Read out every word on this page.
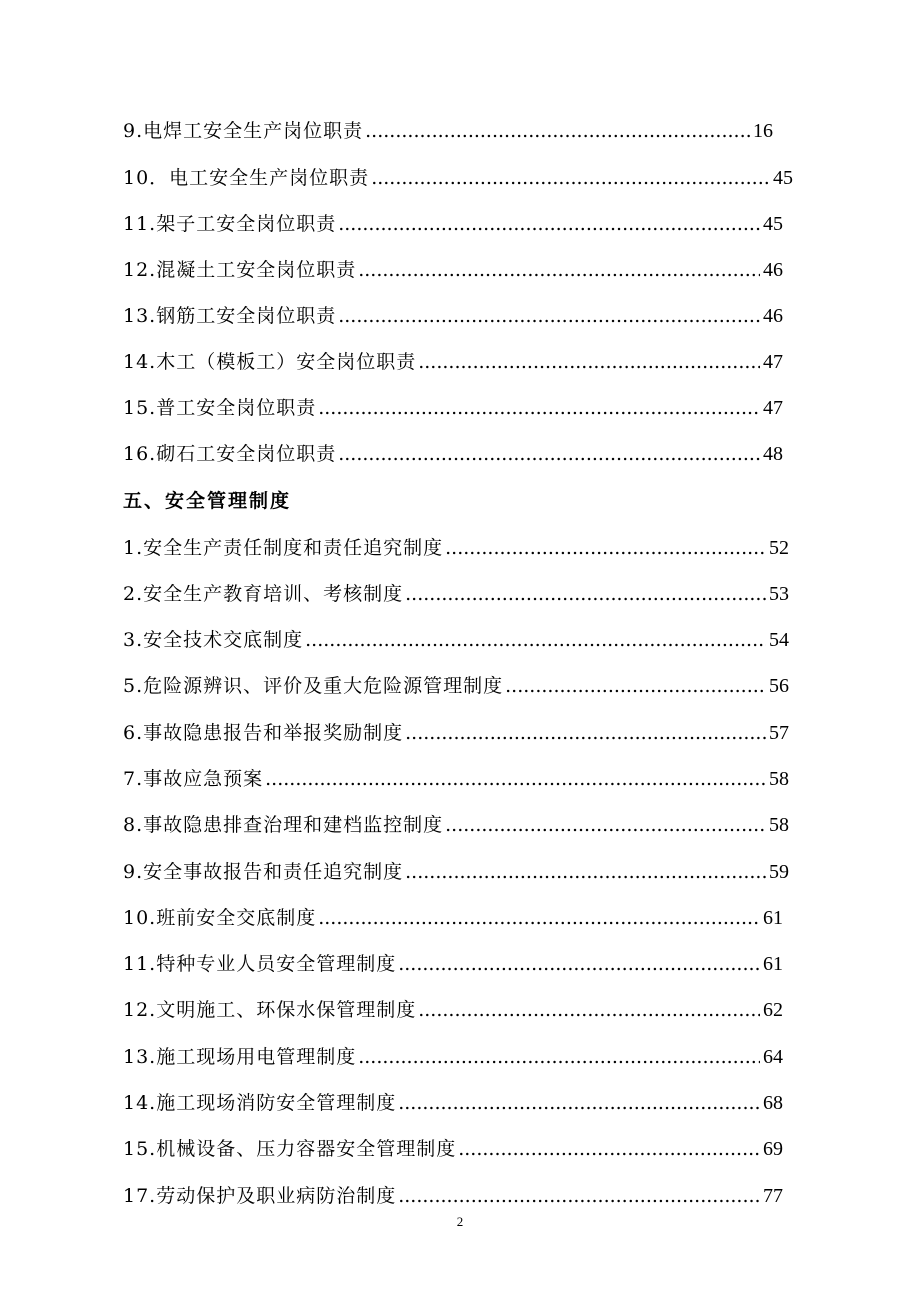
9.电焊工安全生产岗位职责 .....	16
10．电工安全生产岗位职责 .....	45
11.架子工安全岗位职责 .....	45
12.混凝土工安全岗位职责 .....	46
13.钢筋工安全岗位职责 .....	46
14.木工（模板工）安全岗位职责 .....	47
15.普工安全岗位职责 .....	47
16.砌石工安全岗位职责 .....	48
五、安全管理制度
1.安全生产责任制度和责任追究制度 .....	52
2.安全生产教育培训、考核制度 .....	53
3.安全技术交底制度 .....	54
5.危险源辨识、评价及重大危险源管理制度 .....	56
6.事故隐患报告和举报奖励制度 .....	57
7.事故应急预案 .....	58
8.事故隐患排查治理和建档监控制度 .....	58
9.安全事故报告和责任追究制度 .....	59
10.班前安全交底制度 .....	61
11.特种专业人员安全管理制度 .....	61
12.文明施工、环保水保管理制度 .....	62
13.施工现场用电管理制度 .....	64
14.施工现场消防安全管理制度 .....	68
15.机械设备、压力容器安全管理制度 .....	69
17.劳动保护及职业病防治制度 .....	77
2
